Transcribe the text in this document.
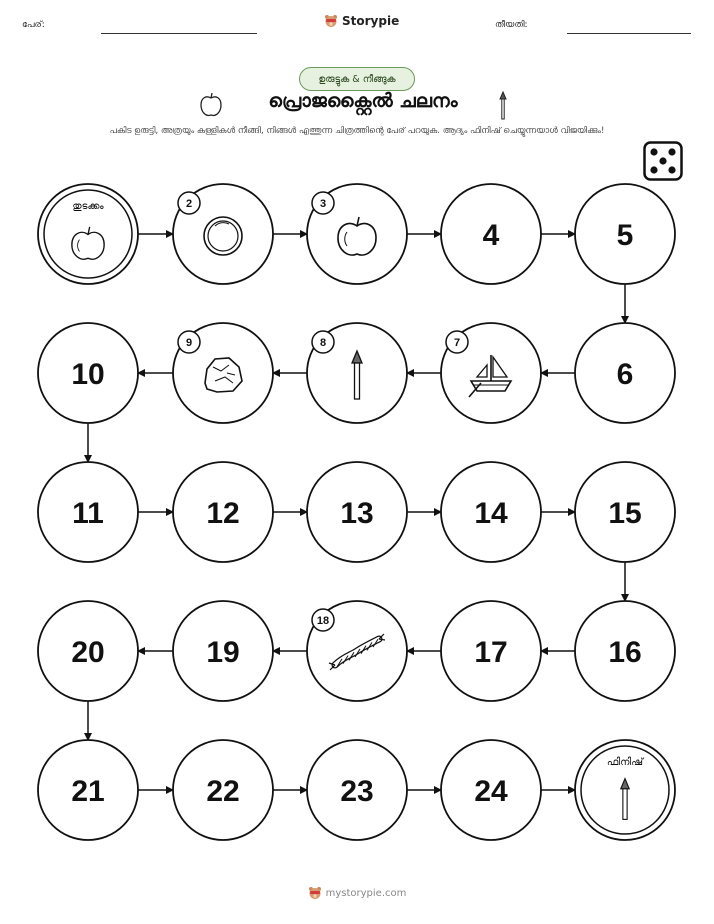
പേര്:	Storypie	തീയതി:
ഉരുട്ടുക & നീങ്ങുക
പ്രൊജക്റ്റൈൽ ചലനം
പകിട ഉരുട്ടി, അത്രയും കള്ളികൾ നീങ്ങി, നിങ്ങൾ എത്തുന്ന ചിത്രത്തിന്റെ പേര് പറയുക. ആദ്യം ഫിനിഷ് ചെയ്യുന്നയാൾ വിജയിക്കും!
തുടക്കം	2	3
4	5
6
7
8
9
10
11	12	13	14	15
16
17
18
19
20
21	22	23	24
ഫിനിഷ്
mystorypie.com
